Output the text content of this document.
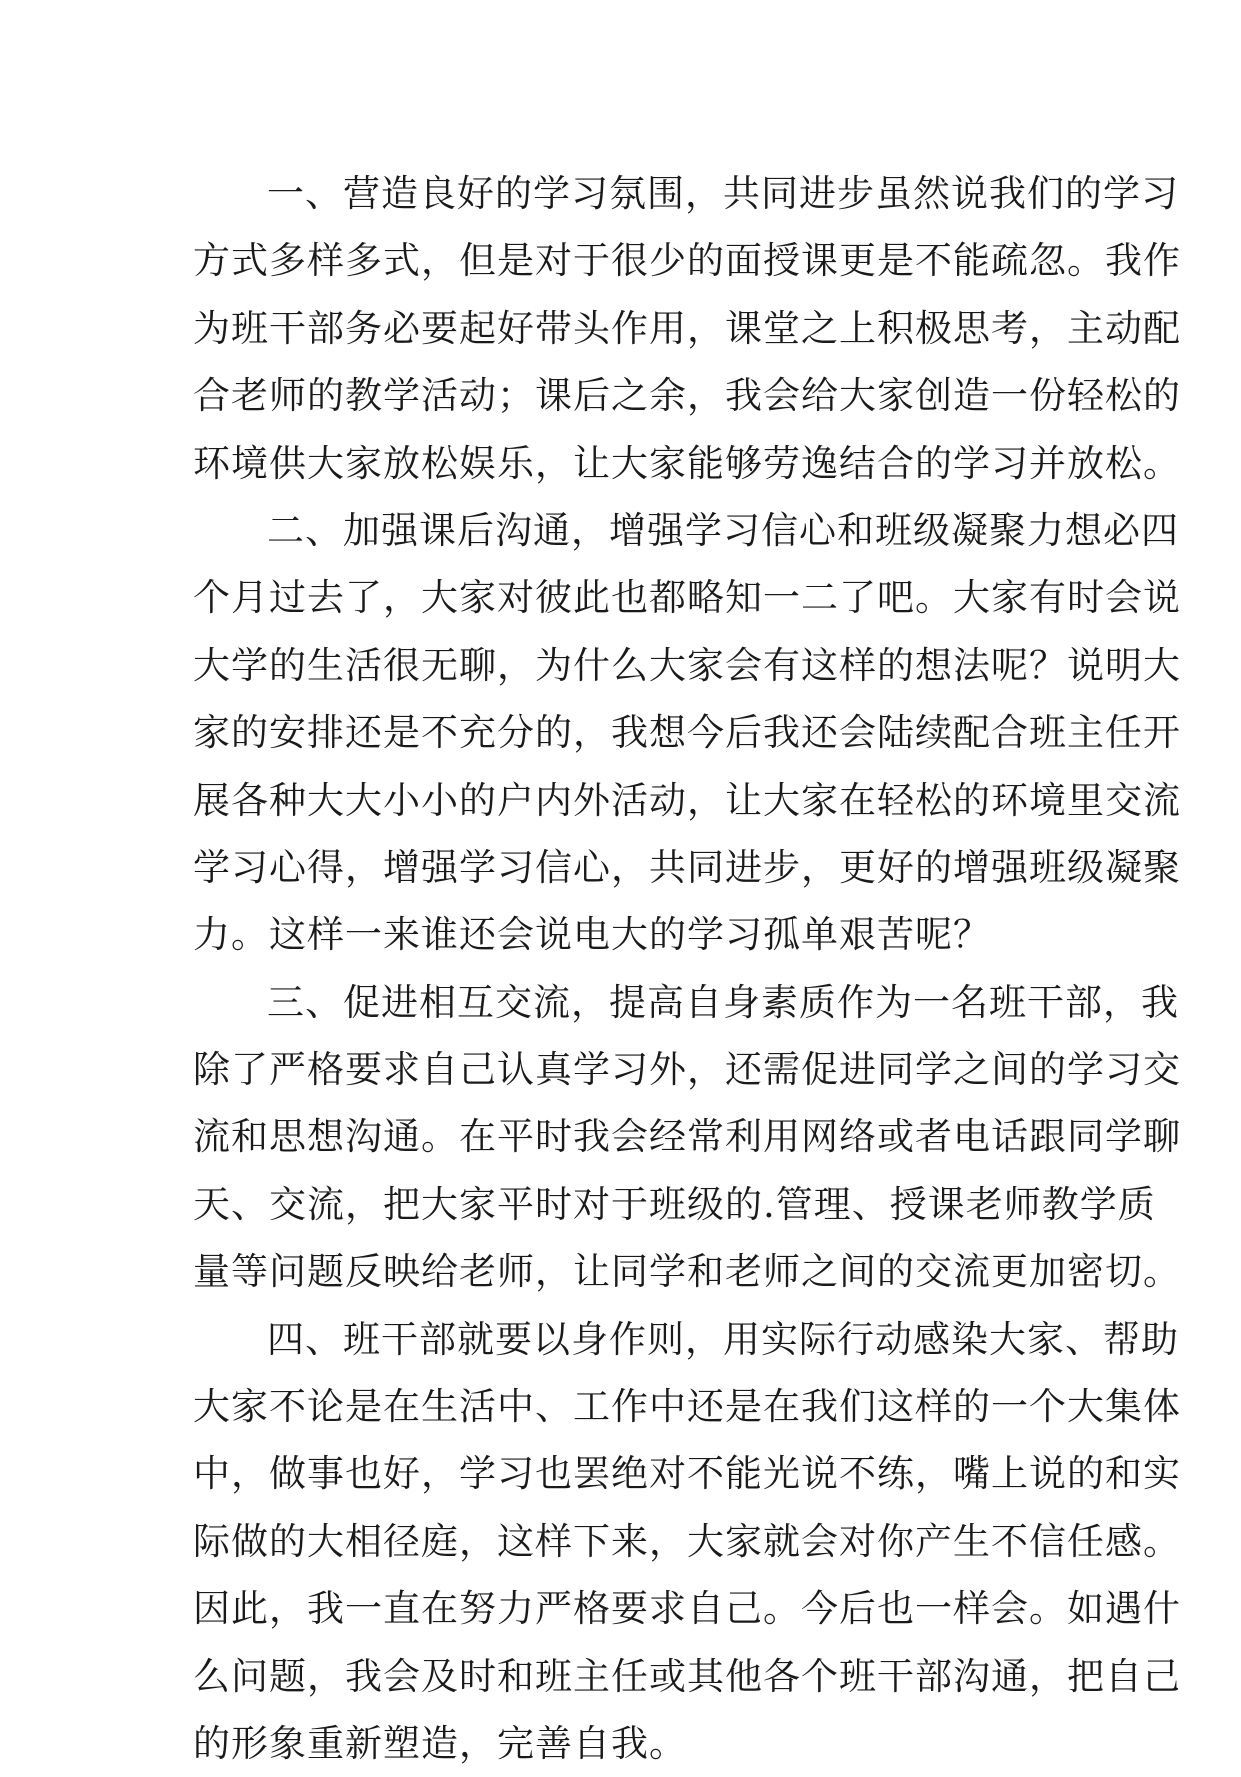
一、营造良好的学习氛围，共同进步虽然说我们的学习
方式多样多式，但是对于很少的面授课更是不能疏忽。我作
为班干部务必要起好带头作用，课堂之上积极思考，主动配
合老师的教学活动；课后之余，我会给大家创造一份轻松的
环境供大家放松娱乐，让大家能够劳逸结合的学习并放松。
二、加强课后沟通，增强学习信心和班级凝聚力想必四
个月过去了，大家对彼此也都略知一二了吧。大家有时会说
大学的生活很无聊，为什么大家会有这样的想法呢？说明大
家的安排还是不充分的，我想今后我还会陆续配合班主任开
展各种大大小小的户内外活动，让大家在轻松的环境里交流
学习心得，增强学习信心，共同进步，更好的增强班级凝聚
力。这样一来谁还会说电大的学习孤单艰苦呢？
三、促进相互交流，提高自身素质作为一名班干部，我
除了严格要求自己认真学习外，还需促进同学之间的学习交
流和思想沟通。在平时我会经常利用网络或者电话跟同学聊
天、交流，把大家平时对于班级的.管理、授课老师教学质
量等问题反映给老师，让同学和老师之间的交流更加密切。
四、班干部就要以身作则，用实际行动感染大家、帮助
大家不论是在生活中、工作中还是在我们这样的一个大集体
中，做事也好，学习也罢绝对不能光说不练，嘴上说的和实
际做的大相径庭，这样下来，大家就会对你产生不信任感。
因此，我一直在努力严格要求自己。今后也一样会。如遇什
么问题，我会及时和班主任或其他各个班干部沟通，把自己
的形象重新塑造，完善自我。
